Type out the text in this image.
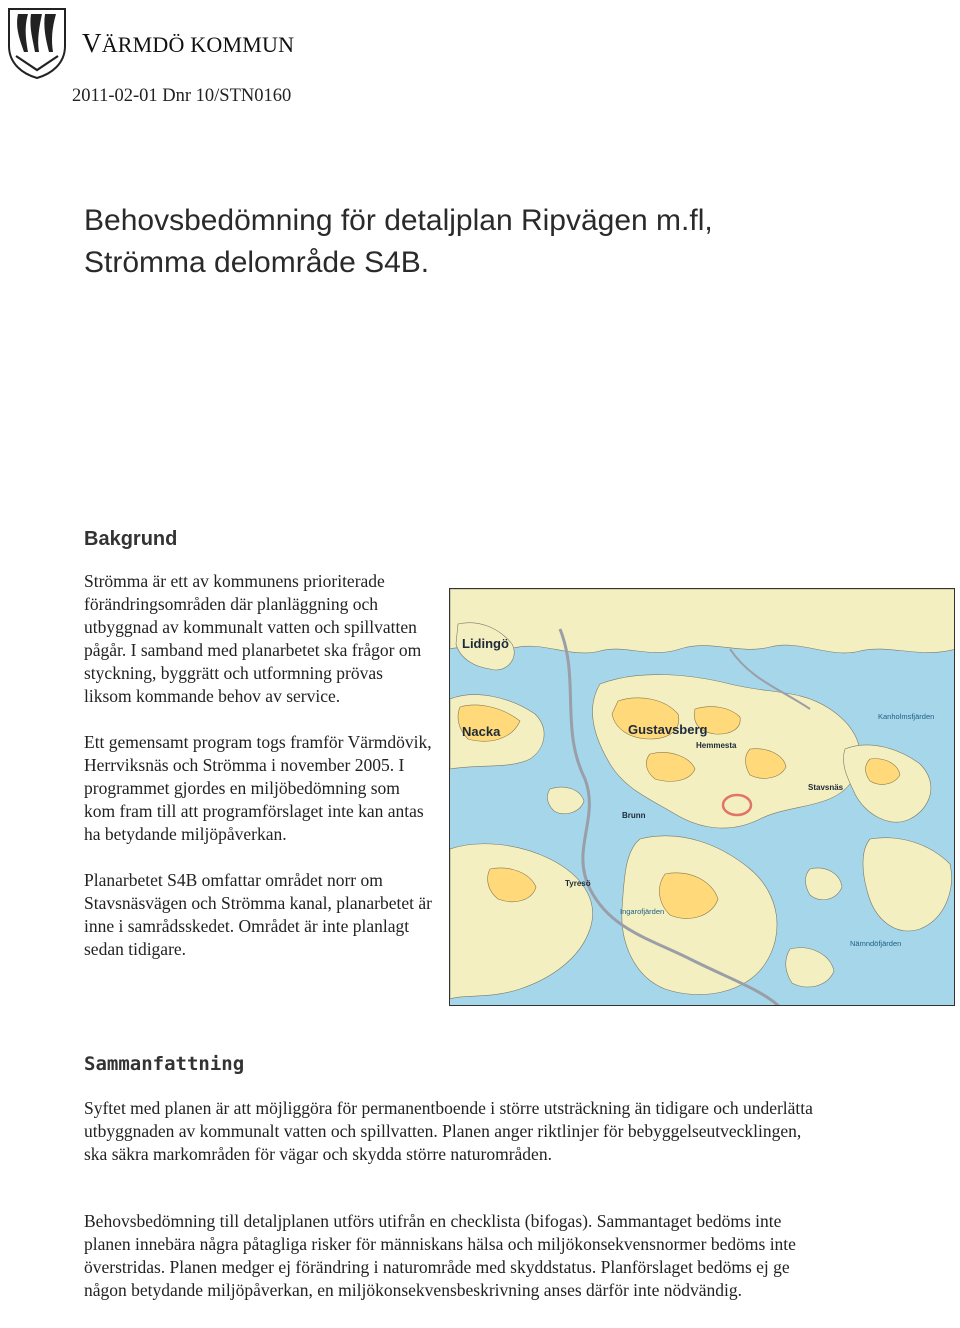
VÄRMDÖ KOMMUN
2011-02-01 Dnr 10/STN0160
Behovsbedömning för detaljplan Ripvägen m.fl,
Strömma delområde S4B.
Bakgrund

Strömma är ett av kommunens prioriterade förändringsområden där planläggning och utbyggnad av kommunalt vatten och spillvatten pågår. I samband med planarbetet ska frågor om styckning, byggrätt och utformning prövas liksom kommande behov av service.

Ett gemensamt program togs framför Värmdövik, Herrviksnäs och Strömma i november 2005. I programmet gjordes en miljöbedömning som kom fram till att programförslaget inte kan antas ha betydande miljöpåverkan.

Planarbetet S4B omfattar området norr om Stavsnäsvägen och Strömma kanal, planarbetet är inne i samrådsskedet. Området är inte planlagt sedan tidigare.

Lidingö
Nacka	Gustavsberg
Hemmesta
Stavsnäs
Brunn
Tyresö
Kanholmsfjärden
Ingarofjärden
Nämndöfjärden
Sammanfattning

Syftet med planen är att möjliggöra för permanentboende i större utsträckning än tidigare och underlätta utbyggnaden av kommunalt vatten och spillvatten. Planen anger riktlinjer för bebyggelseutvecklingen, ska säkra markområden för vägar och skydda större naturområden.

Behovsbedömning till detaljplanen utförs utifrån en checklista (bifogas). Sammantaget bedöms inte planen innebära några påtagliga risker för människans hälsa och miljökonsekvensnormer bedöms inte överstridas. Planen medger ej förändring i naturområde med skyddstatus. Planförslaget bedöms ej ge någon betydande miljöpåverkan, en miljökonsekvensbeskrivning anses därför inte nödvändig.
